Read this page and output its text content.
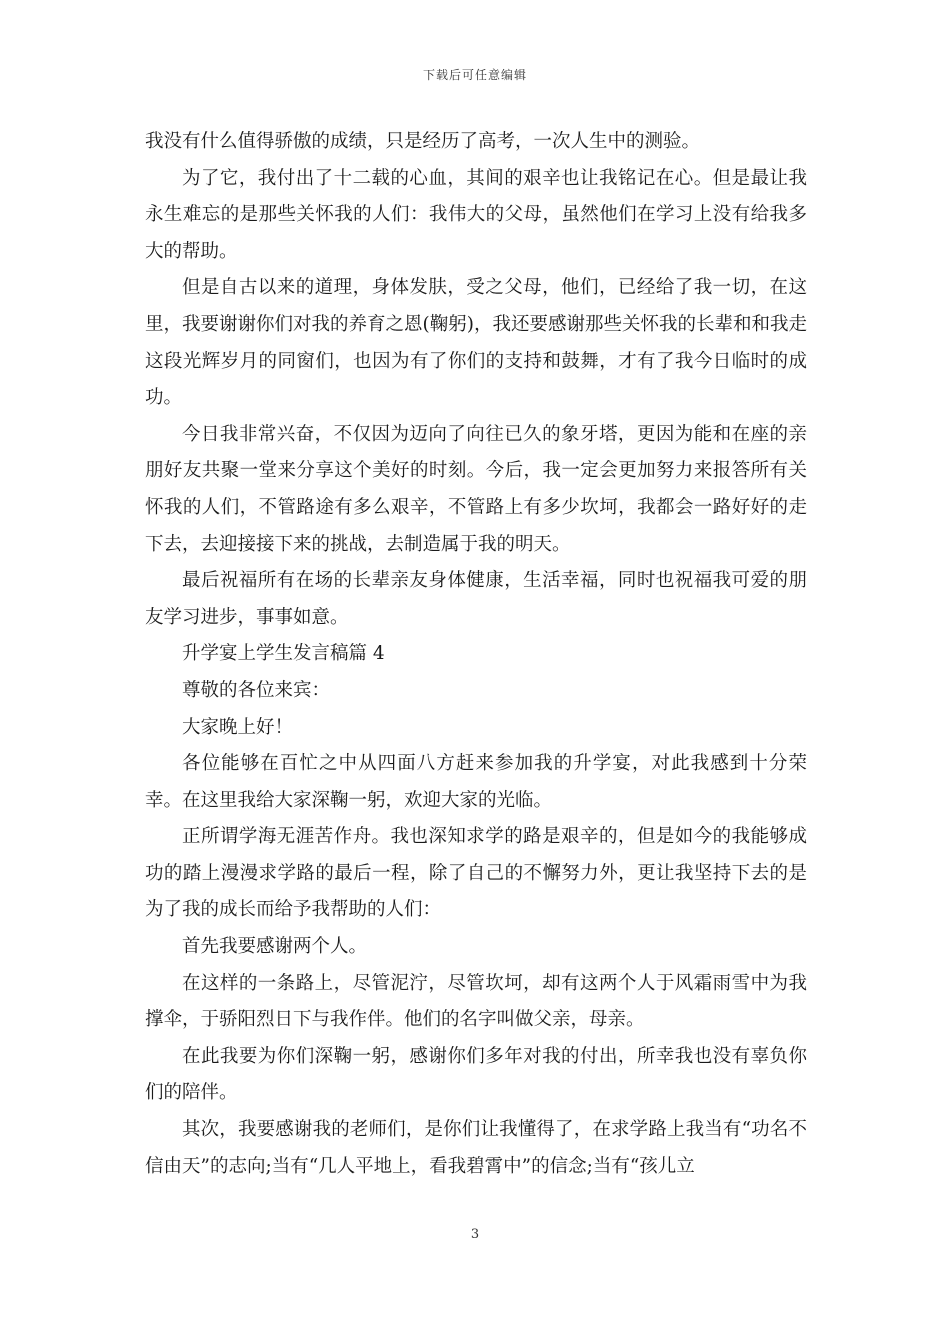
下载后可任意编辑

我没有什么值得骄傲的成绩，只是经历了高考，一次人生中的测验。

为了它，我付出了十二载的心血，其间的艰辛也让我铭记在心。但是最让我永生难忘的是那些关怀我的人们：我伟大的父母，虽然他们在学习上没有给我多大的帮助。

但是自古以来的道理，身体发肤，受之父母，他们，已经给了我一切，在这里，我要谢谢你们对我的养育之恩(鞠躬)，我还要感谢那些关怀我的长辈和和我走这段光辉岁月的同窗们，也因为有了你们的支持和鼓舞，才有了我今日临时的成功。

今日我非常兴奋，不仅因为迈向了向往已久的象牙塔，更因为能和在座的亲朋好友共聚一堂来分享这个美好的时刻。今后，我一定会更加努力来报答所有关怀我的人们，不管路途有多么艰辛，不管路上有多少坎坷，我都会一路好好的走下去，去迎接接下来的挑战，去制造属于我的明天。

最后祝福所有在场的长辈亲友身体健康，生活幸福，同时也祝福我可爱的朋友学习进步，事事如意。

升学宴上学生发言稿篇 4

尊敬的各位来宾：

大家晚上好！

各位能够在百忙之中从四面八方赶来参加我的升学宴，对此我感到十分荣幸。在这里我给大家深鞠一躬，欢迎大家的光临。

正所谓学海无涯苦作舟。我也深知求学的路是艰辛的，但是如今的我能够成功的踏上漫漫求学路的最后一程，除了自己的不懈努力外，更让我坚持下去的是为了我的成长而给予我帮助的人们：

首先我要感谢两个人。

在这样的一条路上，尽管泥泞，尽管坎坷，却有这两个人于风霜雨雪中为我撑伞，于骄阳烈日下与我作伴。他们的名字叫做父亲，母亲。

在此我要为你们深鞠一躬，感谢你们多年对我的付出，所幸我也没有辜负你们的陪伴。

其次，我要感谢我的老师们，是你们让我懂得了，在求学路上我当有“功名不信由天”的志向;当有“几人平地上，看我碧霄中”的信念;当有“孩儿立

3
